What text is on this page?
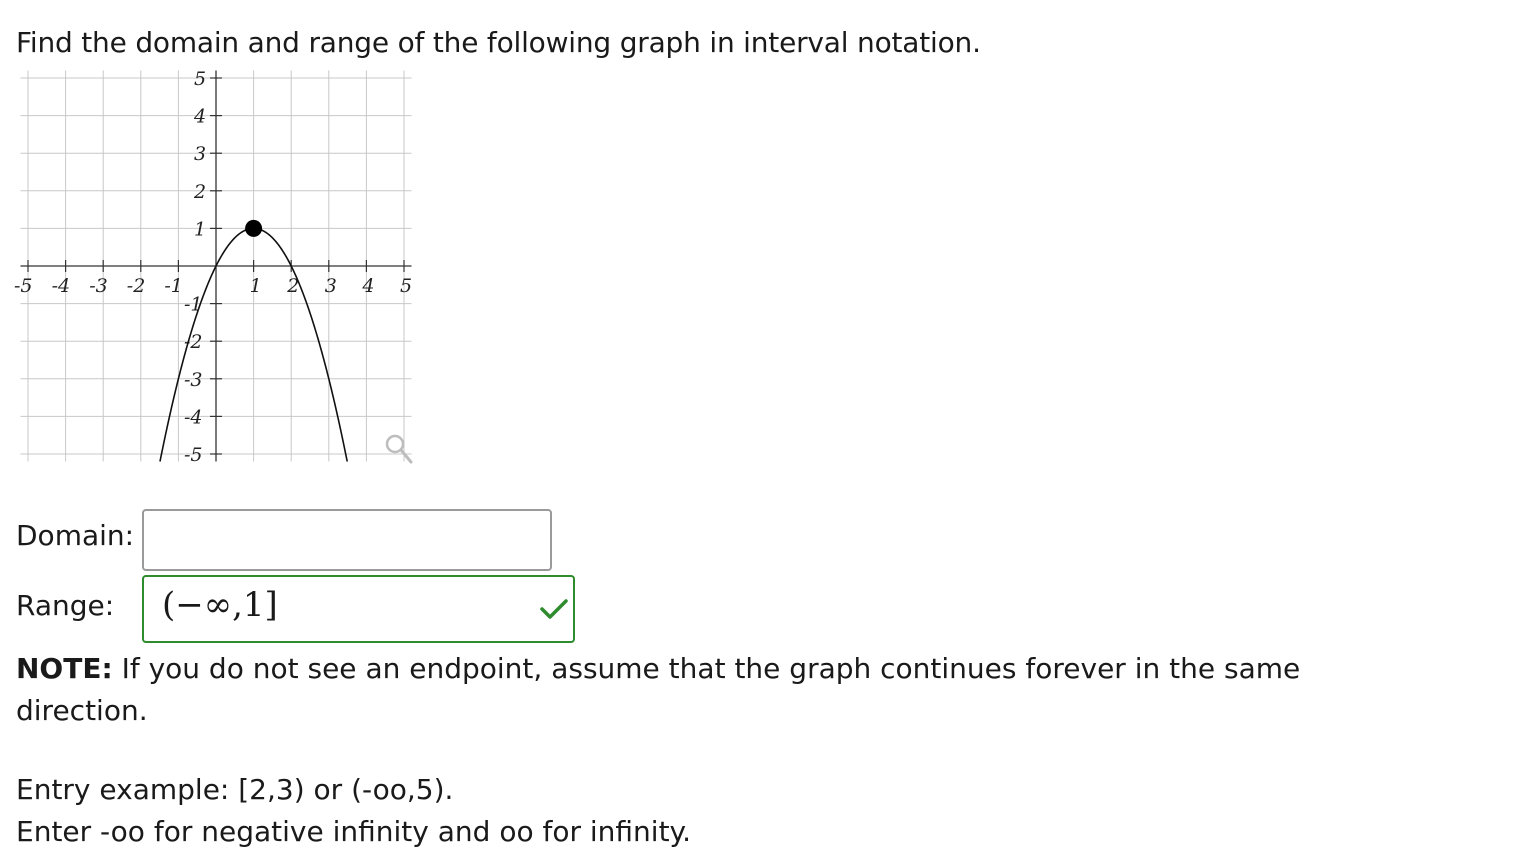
Find the domain and range of the following graph in interval notation.
-5 -4 -3 -2 -1	1 2 3 4 5
1
2
3
4
5
-1
-2
-3
-4
-5
Domain:
Range: (−∞,1]
NOTE: If you do not see an endpoint, assume that the graph continues forever in the same direction.
Entry example: [2,3) or (-oo,5).
Enter -oo for negative infinity and oo for infinity.
